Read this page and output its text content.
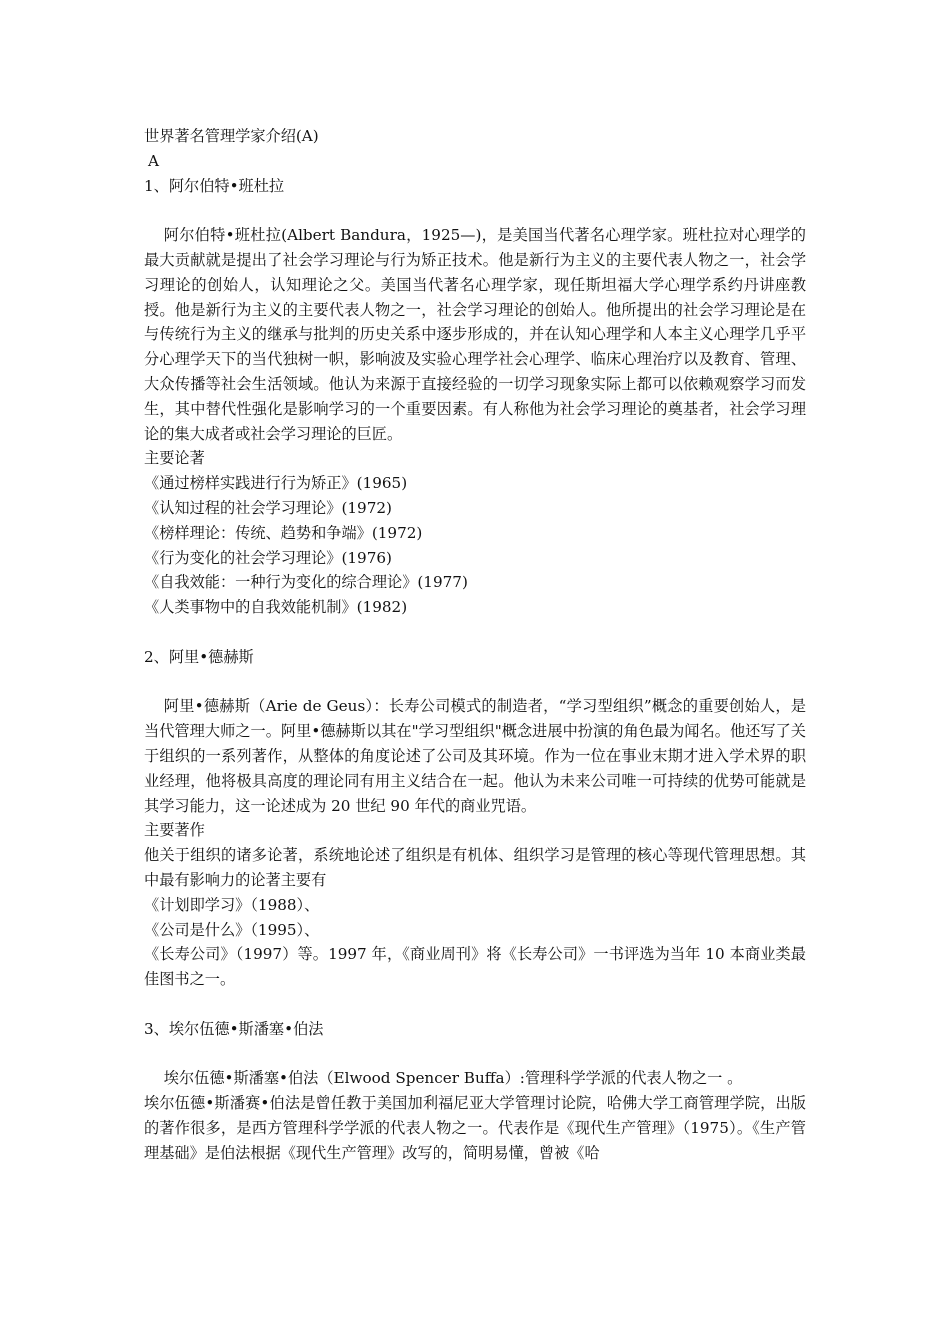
世界著名管理学家介绍(A)

A

1、阿尔伯特•班杜拉

阿尔伯特•班杜拉(Albert Bandura，1925—)，是美国当代著名心理学家。班杜拉对心理学的最大贡献就是提出了社会学习理论与行为矫正技术。他是新行为主义的主要代表人物之一，社会学习理论的创始人，认知理论之父。美国当代著名心理学家，现任斯坦福大学心理学系约丹讲座教授。他是新行为主义的主要代表人物之一，社会学习理论的创始人。他所提出的社会学习理论是在与传统行为主义的继承与批判的历史关系中逐步形成的，并在认知心理学和人本主义心理学几乎平分心理学天下的当代独树一帜，影响波及实验心理学社会心理学、临床心理治疗以及教育、管理、大众传播等社会生活领域。他认为来源于直接经验的一切学习现象实际上都可以依赖观察学习而发生，其中替代性强化是影响学习的一个重要因素。有人称他为社会学习理论的奠基者，社会学习理论的集大成者或社会学习理论的巨匠。

主要论著

《通过榜样实践进行行为矫正》(1965)
《认知过程的社会学习理论》(1972)
《榜样理论：传统、趋势和争端》(1972)
《行为变化的社会学习理论》(1976)
《自我效能：一种行为变化的综合理论》(1977)
《人类事物中的自我效能机制》(1982)

2、阿里•德赫斯

阿里•德赫斯（Arie de Geus）：长寿公司模式的制造者，“学习型组织”概念的重要创始人，是当代管理大师之一。阿里•德赫斯以其在"学习型组织"概念进展中扮演的角色最为闻名。他还写了关于组织的一系列著作，从整体的角度论述了公司及其环境。作为一位在事业末期才进入学术界的职业经理，他将极具高度的理论同有用主义结合在一起。他认为未来公司唯一可持续的优势可能就是其学习能力，这一论述成为 20 世纪 90 年代的商业咒语。

主要著作

他关于组织的诸多论著，系统地论述了组织是有机体、组织学习是管理的核心等现代管理思想。其中最有影响力的论著主要有

《计划即学习》（1988）、
《公司是什么》（1995）、

《长寿公司》（1997）等。1997 年，《商业周刊》将《长寿公司》一书评选为当年 10 本商业类最佳图书之一。

3、埃尔伍德•斯潘塞•伯法

埃尔伍德•斯潘塞•伯法（Elwood Spencer Buffa）:管理科学学派的代表人物之一 。

埃尔伍德•斯潘赛•伯法是曾任教于美国加利福尼亚大学管理讨论院，哈佛大学工商管理学院，出版的著作很多，是西方管理科学学派的代表人物之一。代表作是《现代生产管理》（1975）。《生产管理基础》是伯法根据《现代生产管理》改写的，简明易懂，曾被《哈
